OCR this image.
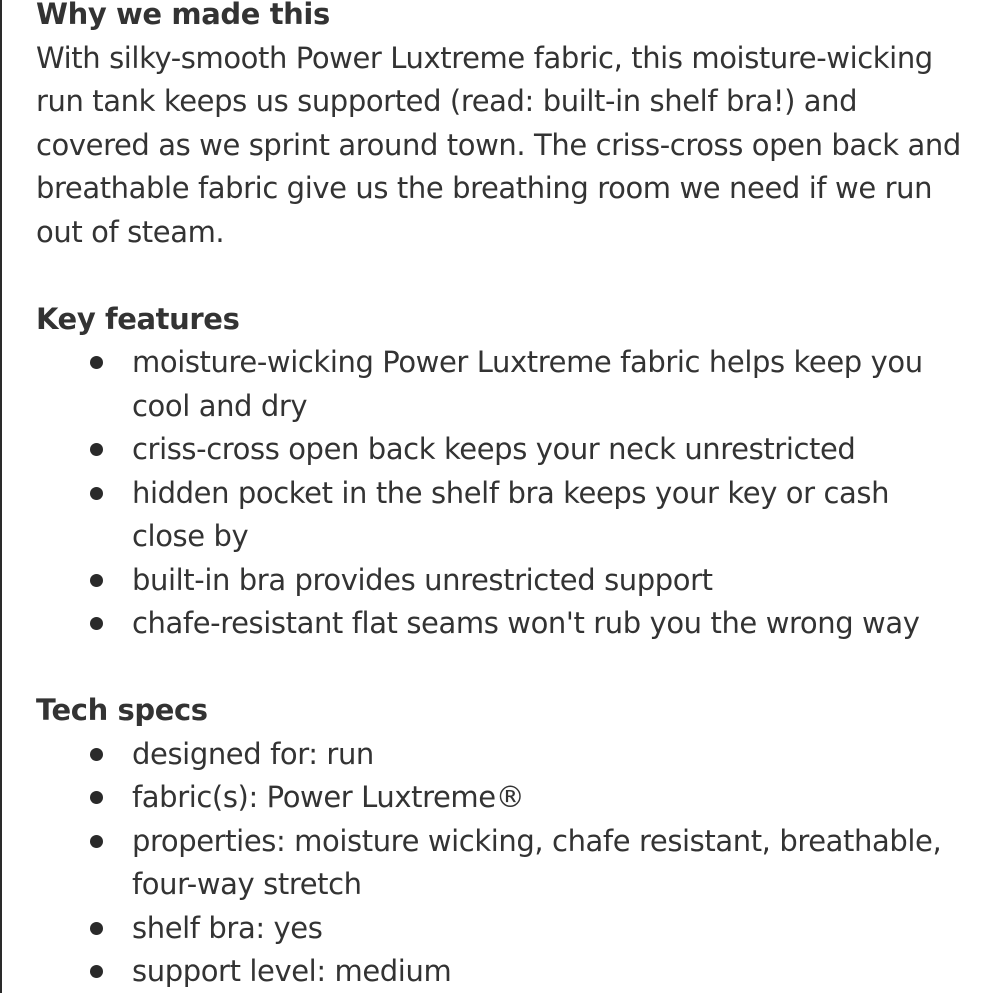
Why we made this

With silky-smooth Power Luxtreme fabric, this moisture-wicking run tank keeps us supported (read: built-in shelf bra!) and covered as we sprint around town. The criss-cross open back and breathable fabric give us the breathing room we need if we run out of steam.

Key features
moisture-wicking Power Luxtreme fabric helps keep you cool and dry
criss-cross open back keeps your neck unrestricted
hidden pocket in the shelf bra keeps your key or cash close by
built-in bra provides unrestricted support
chafe-resistant flat seams won't rub you the wrong way
Tech specs
designed for: run
fabric(s): Power Luxtreme®
properties: moisture wicking, chafe resistant, breathable, four-way stretch
shelf bra: yes
support level: medium
